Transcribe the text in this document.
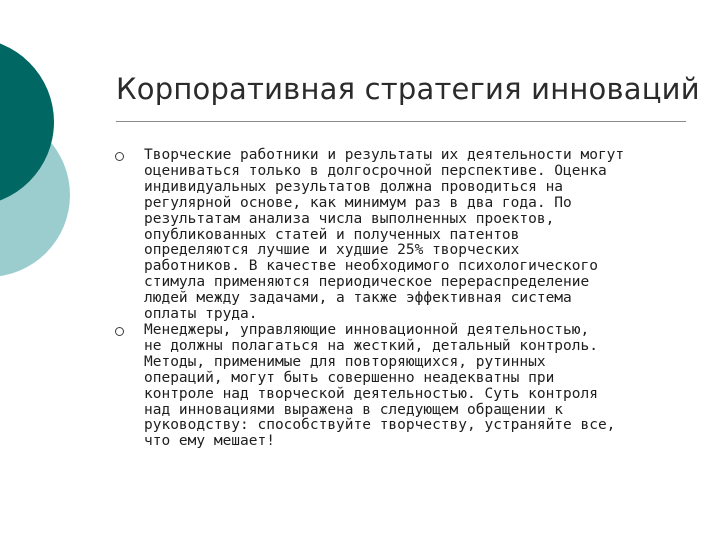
Корпоративная стратегия инноваций
Творческие работники и результаты их деятельности могут
оцениваться только в долгосрочной перспективе. Оценка
индивидуальных результатов должна проводиться на
регулярной основе, как минимум раз в два года. По
результатам анализа числа выполненных проектов,
опубликованных статей и полученных патентов
определяются лучшие и худшие 25% творческих
работников. В качестве необходимого психологического
стимула применяются периодическое перераспределение
людей между задачами, а также эффективная система
оплаты труда.
Менеджеры, управляющие инновационной деятельностью,
не должны полагаться на жесткий, детальный контроль.
Методы, применимые для повторяющихся, рутинных
операций, могут быть совершенно неадекватны при
контроле над творческой деятельностью. Суть контроля
над инновациями выражена в следующем обращении к
руководству: способствуйте творчеству, устраняйте все,
что ему мешает!
